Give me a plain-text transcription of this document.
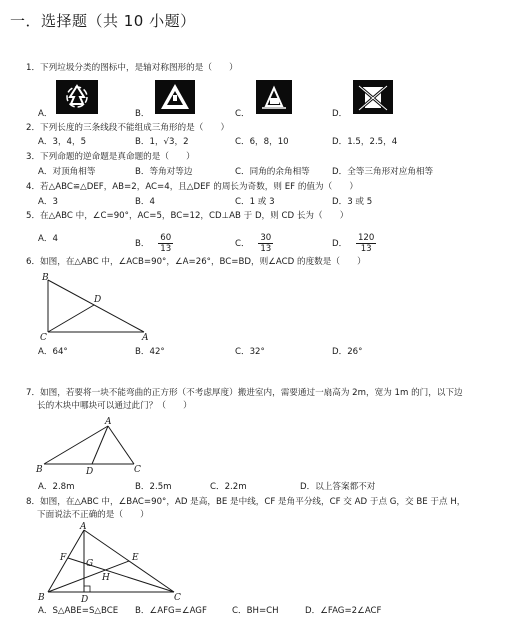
一．选择题（共 10 小题）
1．下列垃圾分类的图标中，是轴对称图形的是（　　）
A．	B．	C．	D．
2．下列长度的三条线段不能组成三角形的是（　　）
A．3，4，5	B．1，√3，2	C．6，8，10	D．1.5，2.5，4
3．下列命题的逆命题是真命题的是（　　）
A．对顶角相等	B．等角对等边	C．同角的余角相等	D．全等三角形对应角相等
4．若△ABC≌△DEF，AB=2，AC=4，且△DEF 的周长为奇数，则 EF 的值为（　　）
A．3	B．4	C．1 或 3	D．3 或 5
5．在△ABC 中，∠C=90°，AC=5，BC=12，CD⊥AB 于 D，则 CD 长为（　　）
A．4	B． $\frac{60}{13}$	C． $\frac{30}{13}$	D． $\frac{120}{13}$
6．如图，在△ABC 中，∠ACB=90°，∠A=26°，BC=BD，则∠ACD 的度数是（　　）
B
D
C	A
A．64°	B．42°	C．32°	D．26°
7．如图，若要将一块不能弯曲的正方形（不考虑厚度）搬进室内，需要通过一扇高为 2m，宽为 1m 的门，以下边
长的木块中哪块可以通过此门？（　　）
A
B	D	C
A．2.8m	B．2.5m	C．2.2m	D．以上答案都不对
8．如图，在△ABC 中，∠BAC=90°，AD 是高，BE 是中线，CF 是角平分线，CF 交 AD 于点 G，交 BE 于点 H，
下面说法不正确的是（　　）
A
F
G
E
H
B	D	C
A．S△ABE=S△BCE B．∠AFG=∠AGF	C．BH=CH	D．∠FAG=2∠ACF
